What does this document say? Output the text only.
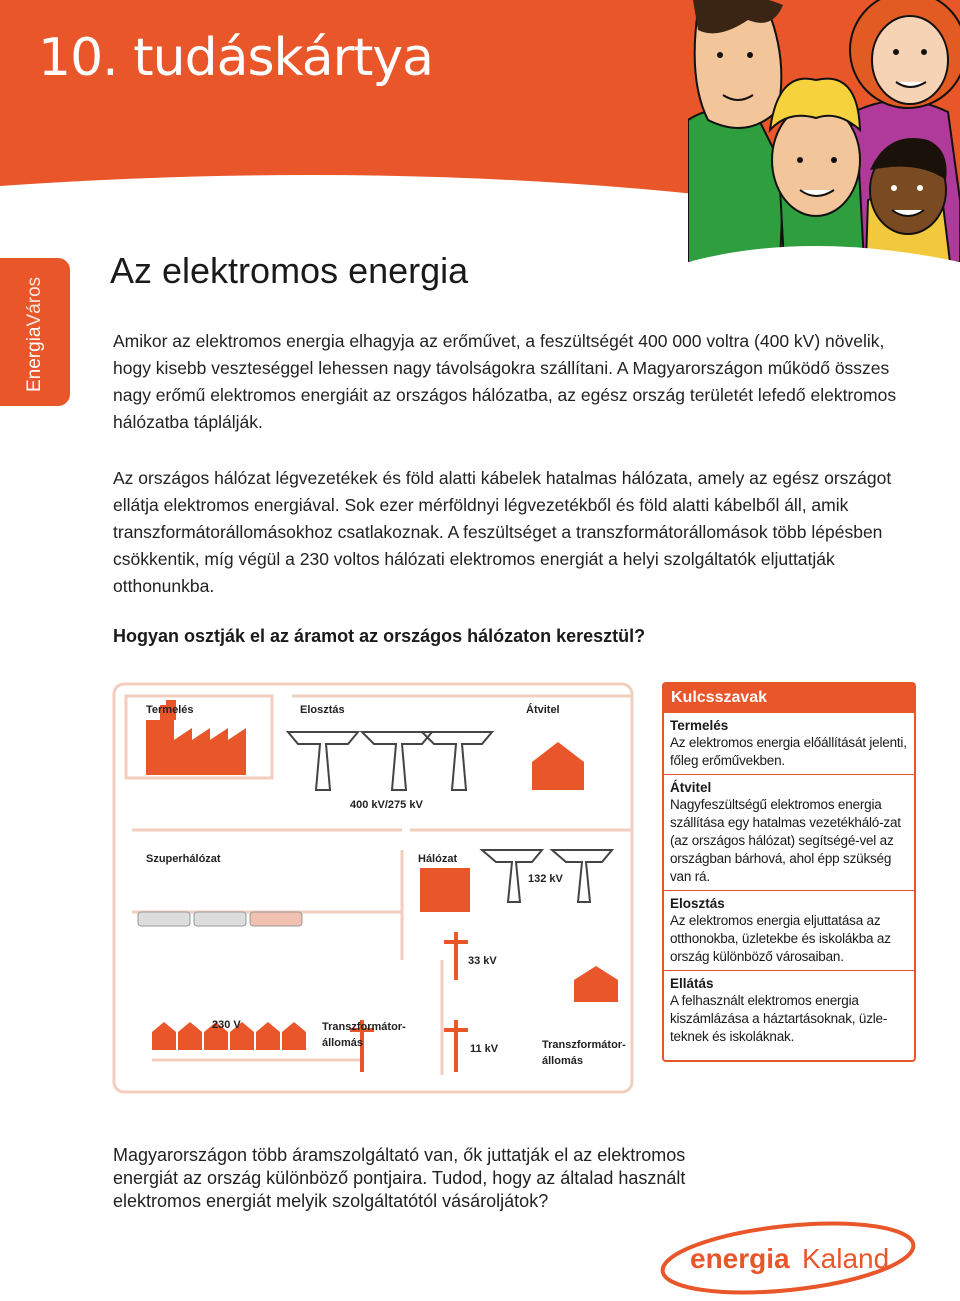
10. tudáskártya
EnergiaVáros
Az elektromos energia

Amikor az elektromos energia elhagyja az erőművet, a feszültségét 400 000 voltra (400 kV) növelik, hogy kisebb veszteséggel lehessen nagy távolságokra szállítani. A Magyarországon működő összes nagy erőmű elektromos energiáit az országos hálózatba, az egész ország területét lefedő elektromos hálózatba táplálják.

Az országos hálózat légvezetékek és föld alatti kábelek hatalmas hálózata, amely az egész országot ellátja elektromos energiával. Sok ezer mérföldnyi légvezetékből és föld alatti kábelből áll, amik transzformátorállomásokhoz csatlakoznak. A feszültséget a transzformátorállomások több lépésben csökkentik, míg végül a 230 voltos hálózati elektromos energiát a helyi szolgáltatók eljuttatják otthonunkba.

Hogyan osztják el az áramot az országos hálózaton keresztül?

Termelés	Elosztás	Átvitel
400 kV/275 kV
Szuperhálózat	Hálózat
132 kV
33 kV
230 V	Transzformátor-
állomás	11 kV	Transzformátor-
állomás
Kulcsszavak

Termelés

Az elektromos energia előállítását jelenti, főleg erőművekben.

Átvitel

Nagyfeszültségű elektromos energia szállítása egy hatalmas vezetékháló-zat (az országos hálózat) segítségé-vel az országban bárhová, ahol épp szükség van rá.

Elosztás

Az elektromos energia eljuttatása az otthonokba, üzletekbe és iskolákba az ország különböző városaiban.

Ellátás

A felhasznált elektromos energia kiszámlázása a háztartásoknak, üzle-teknek és iskoláknak.

Magyarországon több áramszolgáltató van, ők juttatják el az elektromos energiát az ország különböző pontjaira. Tudod, hogy az általad használt elektromos energiát melyik szolgáltatótól vásároljátok?

energia Kaland
